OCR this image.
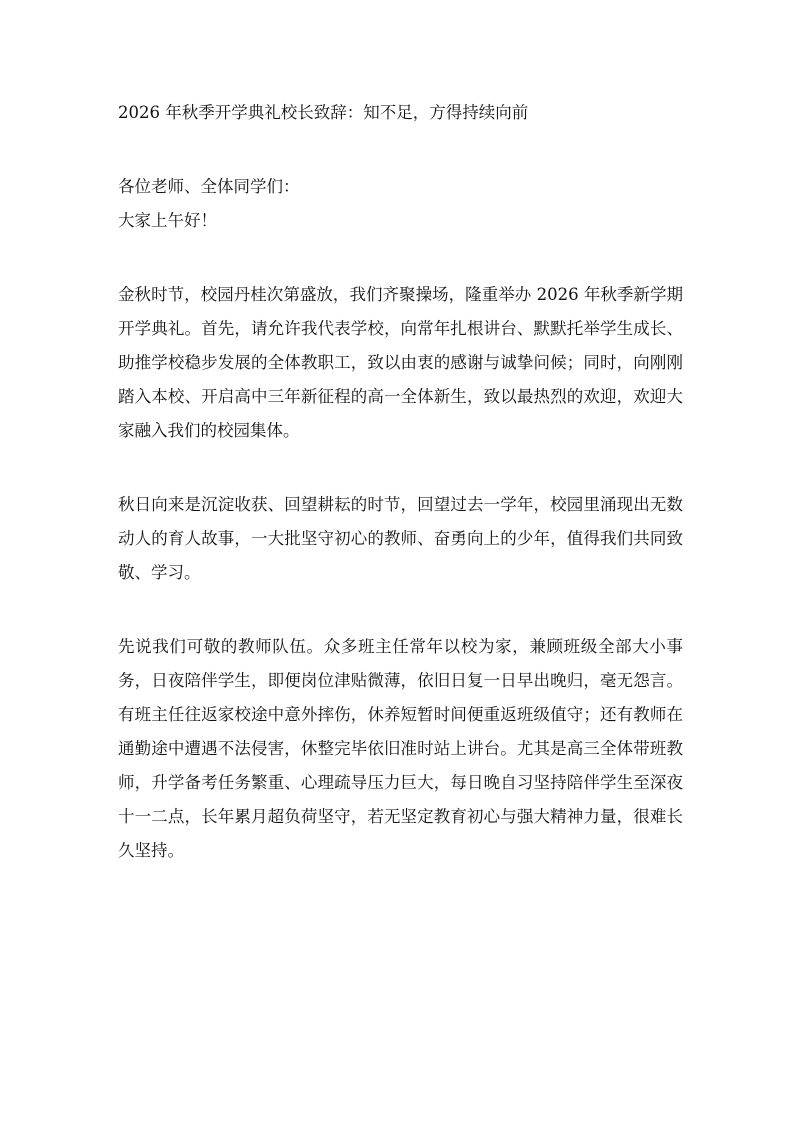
2026 年秋季开学典礼校长致辞：知不足，方得持续向前

各位老师、全体同学们：

大家上午好！

金秋时节，校园丹桂次第盛放，我们齐聚操场，隆重举办 2026 年秋季新学期开学典礼。首先，请允许我代表学校，向常年扎根讲台、默默托举学生成长、助推学校稳步发展的全体教职工，致以由衷的感谢与诚挚问候；同时，向刚刚踏入本校、开启高中三年新征程的高一全体新生，致以最热烈的欢迎，欢迎大家融入我们的校园集体。

秋日向来是沉淀收获、回望耕耘的时节，回望过去一学年，校园里涌现出无数动人的育人故事，一大批坚守初心的教师、奋勇向上的少年，值得我们共同致敬、学习。

先说我们可敬的教师队伍。众多班主任常年以校为家，兼顾班级全部大小事务，日夜陪伴学生，即便岗位津贴微薄，依旧日复一日早出晚归，毫无怨言。有班主任往返家校途中意外摔伤，休养短暂时间便重返班级值守；还有教师在通勤途中遭遇不法侵害，休整完毕依旧准时站上讲台。尤其是高三全体带班教师，升学备考任务繁重、心理疏导压力巨大，每日晚自习坚持陪伴学生至深夜十一二点，长年累月超负荷坚守，若无坚定教育初心与强大精神力量，很难长久坚持。
